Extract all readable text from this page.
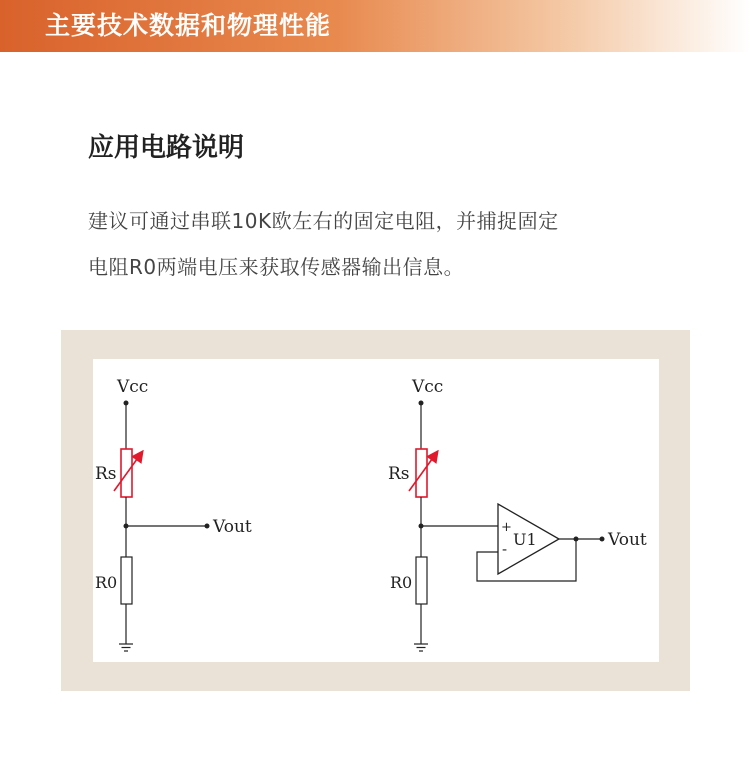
主要技术数据和物理性能
应用电路说明
建议可通过串联10K欧左右的固定电阻，并捕捉固定
电阻R0两端电压来获取传感器输出信息。
Vcc
Rs
Vout
R0
Vcc
Rs
R0
+
- U1	Vout
